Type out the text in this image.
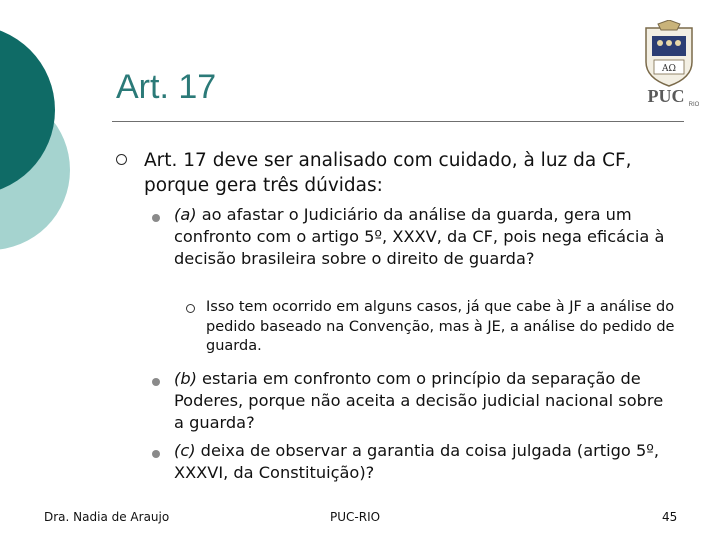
ΑΩ
PUC RIO
Art. 17
Art. 17 deve ser analisado com cuidado, à luz da CF, porque gera três dúvidas:
(a) ao afastar o Judiciário da análise da guarda, gera um confronto com o artigo 5º, XXXV, da CF, pois nega eficácia à decisão brasileira sobre o direito de guarda?
Isso tem ocorrido em alguns casos, já que cabe à JF a análise do pedido baseado na Convenção, mas à JE, a análise do pedido de guarda.
(b) estaria em confronto com o princípio da separação de Poderes, porque não aceita a decisão judicial nacional sobre a guarda?
(c) deixa de observar a garantia da coisa julgada (artigo 5º, XXXVI, da Constituição)?
Dra. Nadia de Araujo	PUC-RIO	45
